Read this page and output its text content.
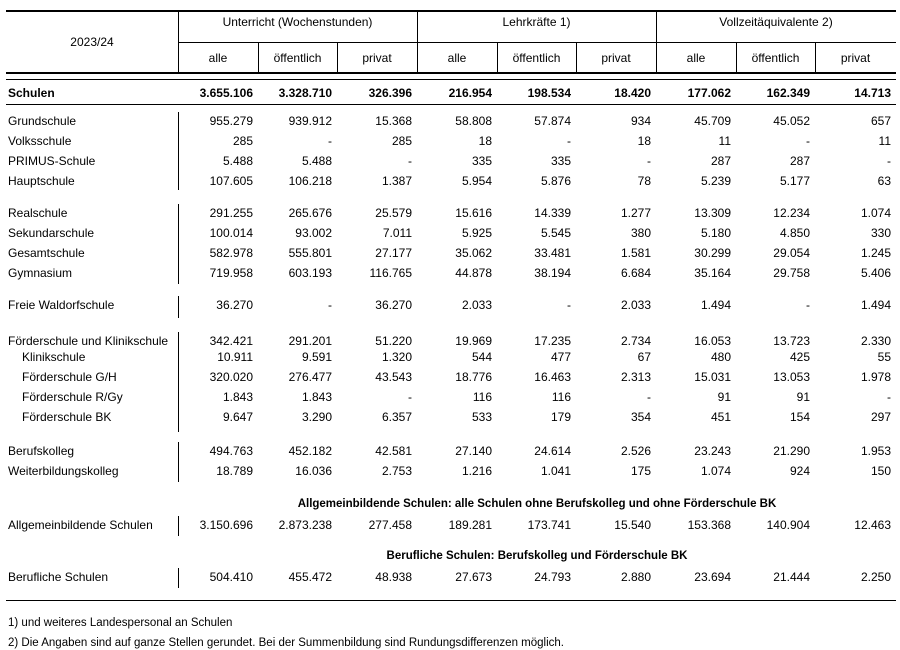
2023/24
Unterricht (Wochenstunden)	Lehrkräfte 1)	Vollzeitäquivalente 2)
alle	öffentlich	privat	alle	öffentlich	privat	alle	öffentlich	privat
Schulen	3.655.106	3.328.710	326.396	216.954	198.534	18.420	177.062	162.349	14.713
Grundschule	955.279	939.912	15.368	58.808	57.874	934	45.709	45.052	657
Volksschule	285	-	285	18	-	18	11	-	11
PRIMUS-Schule	5.488	5.488	-	335	335	-	287	287	-
Hauptschule	107.605	106.218	1.387	5.954	5.876	78	5.239	5.177	63
Realschule	291.255	265.676	25.579	15.616	14.339	1.277	13.309	12.234	1.074
Sekundarschule	100.014	93.002	7.011	5.925	5.545	380	5.180	4.850	330
Gesamtschule	582.978	555.801	27.177	35.062	33.481	1.581	30.299	29.054	1.245
Gymnasium	719.958	603.193	116.765	44.878	38.194	6.684	35.164	29.758	5.406
Freie Waldorfschule	36.270	-	36.270	2.033	-	2.033	1.494	-	1.494
Förderschule und Klinikschule	342.421	291.201	51.220	19.969	17.235	2.734	16.053	13.723	2.330
Klinikschule	10.911	9.591	1.320	544	477	67	480	425	55
Förderschule G/H	320.020	276.477	43.543	18.776	16.463	2.313	15.031	13.053	1.978
Förderschule R/Gy	1.843	1.843	-	116	116	-	91	91	-
Förderschule BK	9.647	3.290	6.357	533	179	354	451	154	297
Berufskolleg	494.763	452.182	42.581	27.140	24.614	2.526	23.243	21.290	1.953
Weiterbildungskolleg	18.789	16.036	2.753	1.216	1.041	175	1.074	924	150
Allgemeinbildende Schulen	3.150.696	2.873.238	277.458	189.281	173.741	15.540	153.368	140.904	12.463
Berufliche Schulen	504.410	455.472	48.938	27.673	24.793	2.880	23.694	21.444	2.250
Allgemeinbildende Schulen: alle Schulen ohne Berufskolleg und ohne Förderschule BK
Berufliche Schulen: Berufskolleg und Förderschule BK
1) und weiteres Landespersonal an Schulen
2) Die Angaben sind auf ganze Stellen gerundet. Bei der Summenbildung sind Rundungsdifferenzen möglich.
